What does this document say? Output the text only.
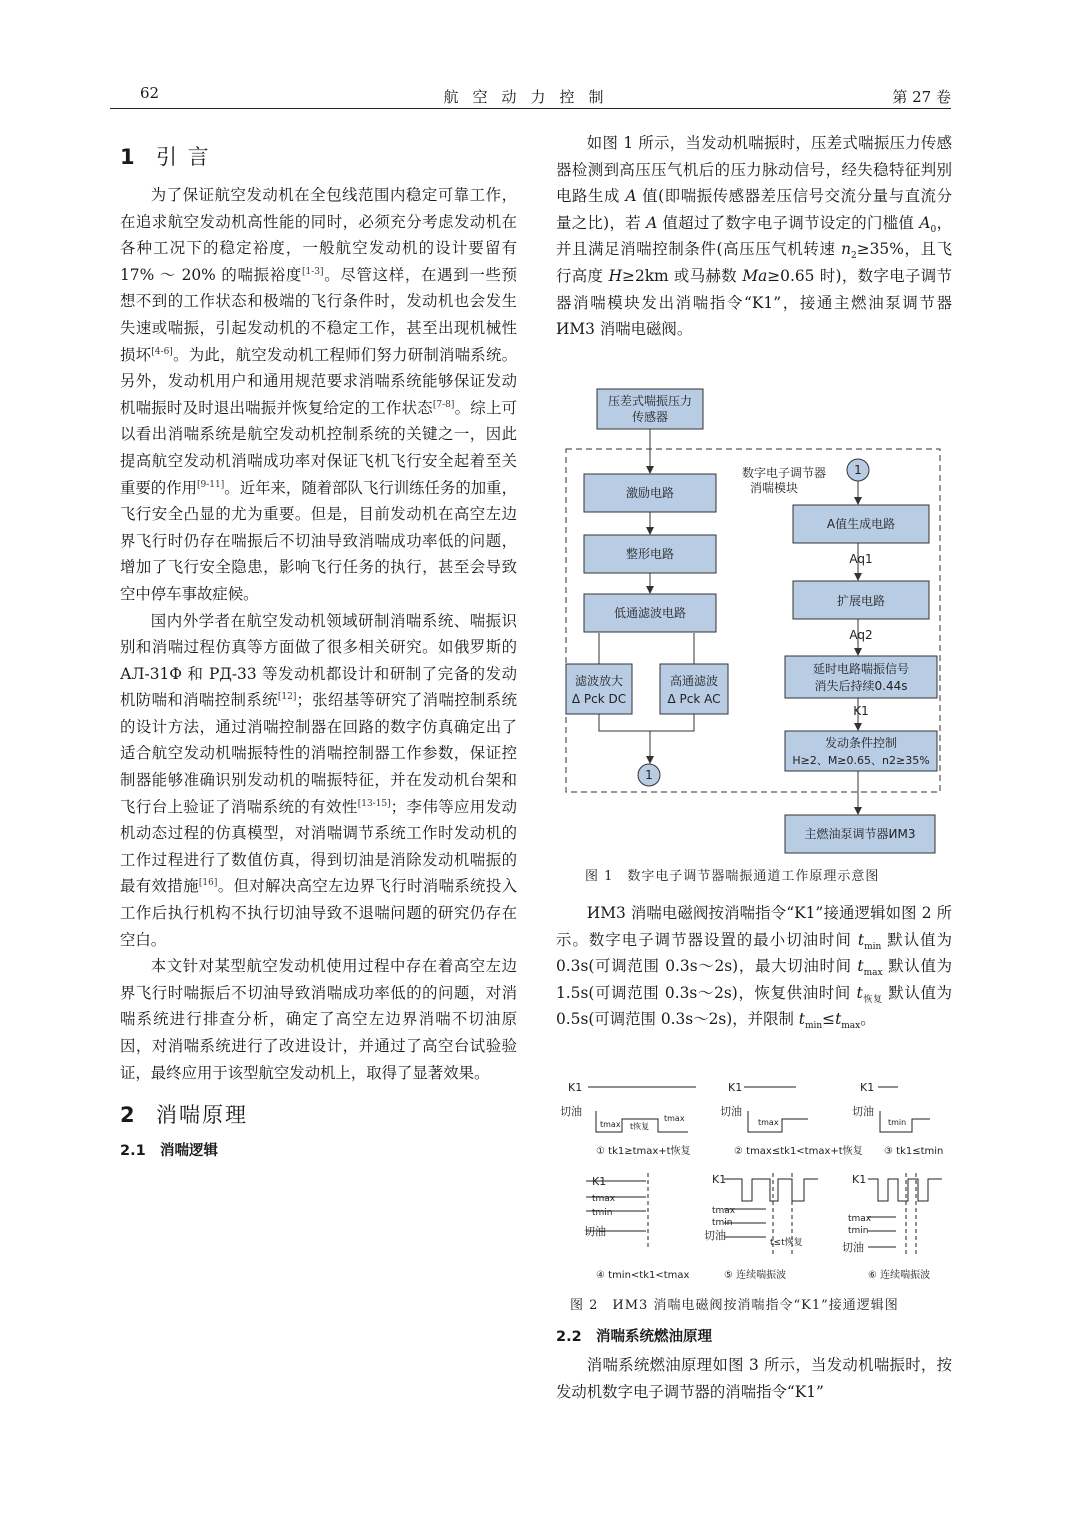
62	航空动力控制	第 27 卷
1 引 言

为了保证航空发动机在全包线范围内稳定可靠工作，在追求航空发动机高性能的同时，必须充分考虑发动机在各种工况下的稳定裕度，一般航空发动机的设计要留有 17% ～ 20% 的喘振裕度[1-3]。尽管这样，在遇到一些预想不到的工作状态和极端的飞行条件时，发动机也会发生失速或喘振，引起发动机的不稳定工作，甚至出现机械性损坏[4-6]。为此，航空发动机工程师们努力研制消喘系统。另外，发动机用户和通用规范要求消喘系统能够保证发动机喘振时及时退出喘振并恢复给定的工作状态[7-8]。综上可以看出消喘系统是航空发动机控制系统的关键之一，因此提高航空发动机消喘成功率对保证飞机飞行安全起着至关重要的作用[9-11]。近年来，随着部队飞行训练任务的加重，飞行安全凸显的尤为重要。但是，目前发动机在高空左边界飞行时仍存在喘振后不切油导致消喘成功率低的问题，增加了飞行安全隐患，影响飞行任务的执行，甚至会导致空中停车事故症候。

国内外学者在航空发动机领域研制消喘系统、喘振识别和消喘过程仿真等方面做了很多相关研究。如俄罗斯的 АЛ-31Ф 和 РД-33 等发动机都设计和研制了完备的发动机防喘和消喘控制系统[12]；张绍基等研究了消喘控制系统的设计方法，通过消喘控制器在回路的数字仿真确定出了适合航空发动机喘振特性的消喘控制器工作参数，保证控制器能够准确识别发动机的喘振特征，并在发动机台架和飞行台上验证了消喘系统的有效性[13-15]；李伟等应用发动机动态过程的仿真模型，对消喘调节系统工作时发动机的工作过程进行了数值仿真，得到切油是消除发动机喘振的最有效措施[16]。但对解决高空左边界飞行时消喘系统投入工作后执行机构不执行切油导致不退喘问题的研究仍存在空白。

本文针对某型航空发动机使用过程中存在着高空左边界飞行时喘振后不切油导致消喘成功率低的的问题，对消喘系统进行排查分析，确定了高空左边界消喘不切油原因，对消喘系统进行了改进设计，并通过了高空台试验验证，最终应用于该型航空发动机上，取得了显著效果。

2 消喘原理
2.1 消喘逻辑

如图 1 所示，当发动机喘振时，压差式喘振压力传感器检测到高压压气机后的压力脉动信号，经失稳特征判别电路生成 A 值(即喘振传感器差压信号交流分量与直流分量之比)，若 A 值超过了数字电子调节设定的门槛值 $A_0$，并且满足消喘控制条件(高压压气机转速 $n_2\ge 35\%$，且飞行高度 H≥2km 或马赫数 Ma≥0.65 时)，数字电子调节器消喘模块发出消喘指令“K1”，接通主燃油泵调节器 ИМ3 消喘电磁阀。

压差式喘振压力
传感器
数字电子调节器
消喘模块
激励电路
整形电路
低通滤波电路
滤波放大
Δ Pck DC
高通滤波
Δ Pck AC
1
1
A值生成电路
Aq1
扩展电路
Aq2
延时电路喘振信号
消失后持续0.44s
K1
发动条件控制
H≥2、M≥0.65、n2≥35%
主燃油泵调节器ИМ3
图 1　数字电子调节器喘振通道工作原理示意图

ИМ3 消喘电磁阀按消喘指令“K1”接通逻辑如图 2 所示。数字电子调节器设置的最小切油时间 $t_{min}$ 默认值为 0.3s(可调范围 0.3s～2s)，最大切油时间 $t_{max}$ 默认值为 1.5s(可调范围 0.3s～2s)，恢复供油时间 $t_{恢复}$ 默认值为 0.5s(可调范围 0.3s～2s)，并限制 $t_{min}\le t_{max}$。

K1
切油
tmax t恢复
tmax
① tk1≥tmax+t恢复
K1
切油
tmax
② tmax≤tk1<tmax+t恢复
K1
切油
tmin
③ tk1≤tmin
K1
tmax
tmin
切油
④ tmin<tk1<tmax
K1
tmax
tmin
切油
t≤t恢复
⑤ 连续喘振波
K1
tmax
tmin
切油
⑥ 连续喘振波
图 2　ИМ3 消喘电磁阀按消喘指令“K1”接通逻辑图
2.2 消喘系统燃油原理

消喘系统燃油原理如图 3 所示，当发动机喘振时，按发动机数字电子调节器的消喘指令“K1”
